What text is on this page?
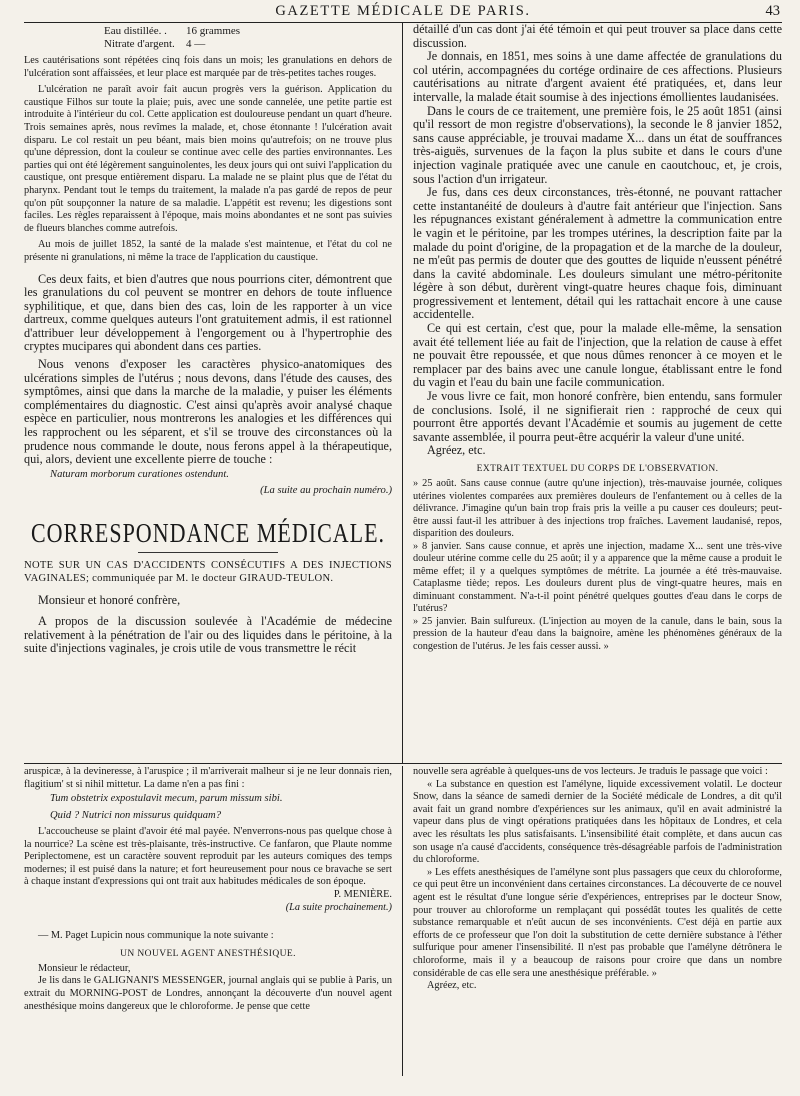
GAZETTE MÉDICALE DE PARIS.	43
Eau distillée. .	16 grammes
Nitrate d'argent.	4 —

Les cautérisations sont répétées cinq fois dans un mois; les granulations en dehors de l'ulcération sont affaissées, et leur place est marquée par de très-petites taches rouges.

L'ulcération ne paraît avoir fait aucun progrès vers la guérison. Application du caustique Filhos sur toute la plaie; puis, avec une sonde cannelée, une petite partie est introduite à l'intérieur du col. Cette application est douloureuse pendant un quart d'heure. Trois semaines après, nous revîmes la malade, et, chose étonnante ! l'ulcération avait disparu. Le col restait un peu béant, mais bien moins qu'autrefois; on ne trouve plus qu'une dépression, dont la couleur se continue avec celle des parties environnantes. Les parties qui ont été légèrement sanguinolentes, les deux jours qui ont suivi l'application du caustique, ont presque entièrement disparu. La malade ne se plaint plus que de l'état du pharynx. Pendant tout le temps du traitement, la malade n'a pas gardé de repos de peur qu'on pût soupçonner la nature de sa maladie. L'appétit est revenu; les digestions sont faciles. Les règles reparaissent à l'époque, mais moins abondantes et ne sont pas suivies de flueurs blanches comme autrefois.

Au mois de juillet 1852, la santé de la malade s'est maintenue, et l'état du col ne présente ni granulations, ni même la trace de l'application du caustique.

Ces deux faits, et bien d'autres que nous pourrions citer, démontrent que les granulations du col peuvent se montrer en dehors de toute influence syphilitique, et que, dans bien des cas, loin de les rapporter à un vice dartreux, comme quelques auteurs l'ont gratuitement admis, il est rationnel d'attribuer leur développement à l'engorgement ou à l'hypertrophie des cryptes mucipares qui abondent dans ces parties.

Nous venons d'exposer les caractères physico-anatomiques des ulcérations simples de l'utérus ; nous devons, dans l'étude des causes, des symptômes, ainsi que dans la marche de la maladie, y puiser les éléments complémentaires du diagnostic. C'est ainsi qu'après avoir analysé chaque espèce en particulier, nous montrerons les analogies et les différences qui les rapprochent ou les séparent, et s'il se trouve des circonstances où la prudence nous commande le doute, nous ferons appel à la thérapeutique, qui, alors, devient une excellente pierre de touche :

Naturam morborum curationes ostendunt.

(La suite au prochain numéro.)

CORRESPONDANCE MÉDICALE.

NOTE SUR UN CAS D'ACCIDENTS CONSÉCUTIFS A DES INJECTIONS VAGINALES; communiquée par M. le docteur GIRAUD-TEULON.

Monsieur et honoré confrère,

A propos de la discussion soulevée à l'Académie de médecine relativement à la pénétration de l'air ou des liquides dans le péritoine, à la suite d'injections vaginales, je crois utile de vous transmettre le récit

détaillé d'un cas dont j'ai été témoin et qui peut trouver sa place dans cette discussion.

Je donnais, en 1851, mes soins à une dame affectée de granulations du col utérin, accompagnées du cortége ordinaire de ces affections. Plusieurs cautérisations au nitrate d'argent avaient été pratiquées, et, dans leur intervalle, la malade était soumise à des injections émollientes laudanisées.

Dans le cours de ce traitement, une première fois, le 25 août 1851 (ainsi qu'il ressort de mon registre d'observations), la seconde le 8 janvier 1852, sans cause appréciable, je trouvai madame X... dans un état de souffrances très-aiguës, survenues de la façon la plus subite et dans le cours d'une injection vaginale pratiquée avec une canule en caoutchouc, et, je crois, sous l'action d'un irrigateur.

Je fus, dans ces deux circonstances, très-étonné, ne pouvant rattacher cette instantanéité de douleurs à d'autre fait antérieur que l'injection. Sans les répugnances existant généralement à admettre la communication entre le vagin et le péritoine, par les trompes utérines, la description faite par la malade du point d'origine, de la propagation et de la marche de la douleur, ne m'eût pas permis de douter que des gouttes de liquide n'eussent pénétré dans la cavité abdominale. Les douleurs simulant une métro-péritonite légère à son début, durèrent vingt-quatre heures chaque fois, diminuant progressivement et lentement, détail qui les rattachait encore à une cause accidentelle.

Ce qui est certain, c'est que, pour la malade elle-même, la sensation avait été tellement liée au fait de l'injection, que la relation de cause à effet ne pouvait être repoussée, et que nous dûmes renoncer à ce moyen et le remplacer par des bains avec une canule longue, établissant entre le fond du vagin et l'eau du bain une facile communication.

Je vous livre ce fait, mon honoré confrère, bien entendu, sans formuler de conclusions. Isolé, il ne signifierait rien : rapproché de ceux qui pourront être apportés devant l'Académie et soumis au jugement de cette savante assemblée, il pourra peut-être acquérir la valeur d'une unité.

Agréez, etc.

EXTRAIT TEXTUEL DU CORPS DE L'OBSERVATION.

» 25 août. Sans cause connue (autre qu'une injection), très-mauvaise journée, coliques utérines violentes comparées aux premières douleurs de l'enfantement ou à celles de la délivrance. J'imagine qu'un bain trop frais pris la veille a pu causer ces douleurs; peut-être aussi faut-il les attribuer à des injections trop fraîches. Lavement laudanisé, repos, disparition des douleurs.

» 8 janvier. Sans cause connue, et après une injection, madame X... sent une très-vive douleur utérine comme celle du 25 août; il y a apparence que la même cause a produit le même effet; il y a quelques symptômes de métrite. La journée a été très-mauvaise. Cataplasme tiède; repos. Les douleurs durent plus de vingt-quatre heures, mais en diminuant constamment. N'a-t-il point pénétré quelques gouttes d'eau dans le corps de l'utérus?

» 25 janvier. Bain sulfureux. (L'injection au moyen de la canule, dans le bain, sous la pression de la hauteur d'eau dans la baignoire, amène les phénomènes généraux de la congestion de l'utérus. Je les fais cesser aussi. »

aruspicæ, à la devineresse, à l'aruspice ; il m'arriverait malheur si je ne leur donnais rien, flagitium' st si nihil mittetur. La dame n'en a pas fini :

Tum obstetrix expostulavit mecum, parum missum sibi.

Quid ? Nutrici non missurus quidquam?

L'accoucheuse se plaint d'avoir été mal payée. N'enverrons-nous pas quelque chose à la nourrice? La scène est très-plaisante, très-instructive. Ce fanfaron, que Plaute nomme Periplectomene, est un caractère souvent reproduit par les auteurs comiques des temps modernes; il est puisé dans la nature; et fort heureusement pour nous ce bravache se sert à chaque instant d'expressions qui ont trait aux habitudes médicales de son époque.

P. MENIÈRE.

(La suite prochainement.)

— M. Paget Lupicin nous communique la note suivante :

UN NOUVEL AGENT ANESTHÉSIQUE.

Monsieur le rédacteur,

Je lis dans le GALIGNANI'S MESSENGER, journal anglais qui se publie à Paris, un extrait du MORNING-POST de Londres, annonçant la découverte d'un nouvel agent anesthésique moins dangereux que le chloroforme. Je pense que cette

nouvelle sera agréable à quelques-uns de vos lecteurs. Je traduis le passage que voici :

« La substance en question est l'amélyne, liquide excessivement volatil. Le docteur Snow, dans la séance de samedi dernier de la Société médicale de Londres, a dit qu'il avait fait un grand nombre d'expériences sur les animaux, qu'il en avait administré la vapeur dans plus de vingt opérations pratiquées dans les hôpitaux de Londres, et cela avec les résultats les plus satisfaisants. L'insensibilité était complète, et dans aucun cas son usage n'a causé d'accidents, conséquence très-désagréable parfois de l'administration du chloroforme.

» Les effets anesthésiques de l'amélyne sont plus passagers que ceux du chloroforme, ce qui peut être un inconvénient dans certaines circonstances. La découverte de ce nouvel agent est le résultat d'une longue série d'expériences, entreprises par le docteur Snow, pour trouver au chloroforme un remplaçant qui possédât toutes les qualités de cette substance remarquable et n'eût aucun de ses inconvénients. C'est déjà en partie aux efforts de ce professeur que l'on doit la substitution de cette dernière substance à l'éther sulfurique pour amener l'insensibilité. Il n'est pas probable que l'amélyne détrônera le chloroforme, mais il y a beaucoup de raisons pour croire que dans un nombre considérable de cas elle sera une anesthésique préférable. »

Agréez, etc.
